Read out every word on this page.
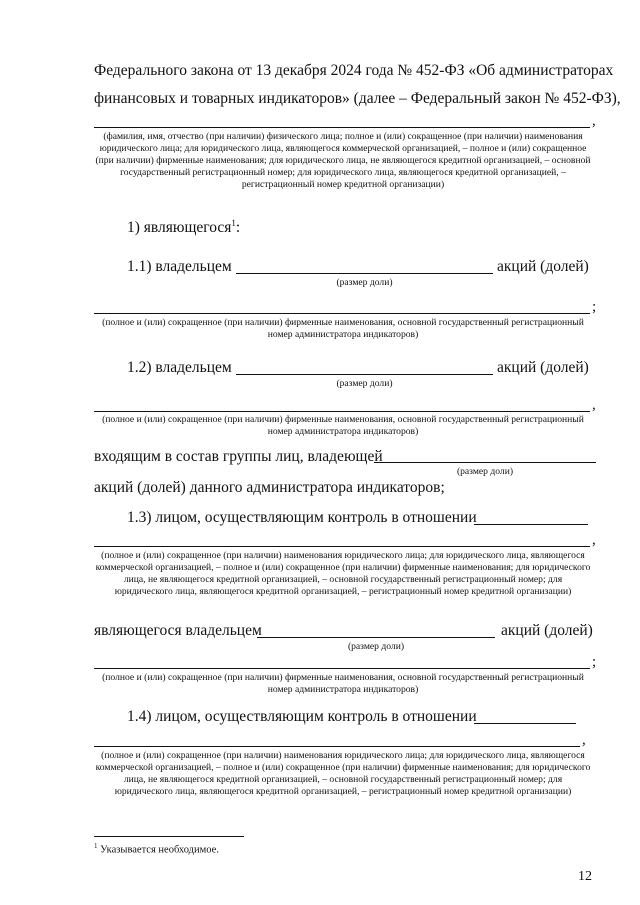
Федерального закона от 13 декабря 2024 года № 452-ФЗ «Об администраторах
финансовых и товарных индикаторов» (далее – Федеральный закон № 452-ФЗ),
,
(фамилия, имя, отчество (при наличии) физического лица; полное и (или) сокращенное (при наличии) наименования юридического лица; для юридического лица, являющегося коммерческой организацией, – полное и (или) сокращенное (при наличии) фирменные наименования; для юридического лица, не являющегося кредитной организацией, – основной государственный регистрационный номер; для юридического лица, являющегося кредитной организацией, – регистрационный номер кредитной организации)
1) являющегося$^1$:
1.1) владельцем	акций (долей)
(размер доли)
;
(полное и (или) сокращенное (при наличии) фирменные наименования, основной государственный регистрационный номер администратора индикаторов)
1.2) владельцем	акций (долей)
(размер доли)
,
(полное и (или) сокращенное (при наличии) фирменные наименования, основной государственный регистрационный номер администратора индикаторов)
входящим в состав группы лиц, владеющей
(размер доли)
акций (долей) данного администратора индикаторов;
1.3) лицом, осуществляющим контроль в отношении
,
(полное и (или) сокращенное (при наличии) наименования юридического лица; для юридического лица, являющегося коммерческой организацией, – полное и (или) сокращенное (при наличии) фирменные наименования; для юридического лица, не являющегося кредитной организацией, – основной государственный регистрационный номер; для юридического лица, являющегося кредитной организацией, – регистрационный номер кредитной организации)
являющегося владельцем	акций (долей)
(размер доли)
;
(полное и (или) сокращенное (при наличии) фирменные наименования, основной государственный регистрационный номер администратора индикаторов)
1.4) лицом, осуществляющим контроль в отношении
,
(полное и (или) сокращенное (при наличии) наименования юридического лица; для юридического лица, являющегося коммерческой организацией, – полное и (или) сокращенное (при наличии) фирменные наименования; для юридического лица, не являющегося кредитной организацией, – основной государственный регистрационный номер; для юридического лица, являющегося кредитной организацией, – регистрационный номер кредитной организации)
$^1$ Указывается необходимое.
12
